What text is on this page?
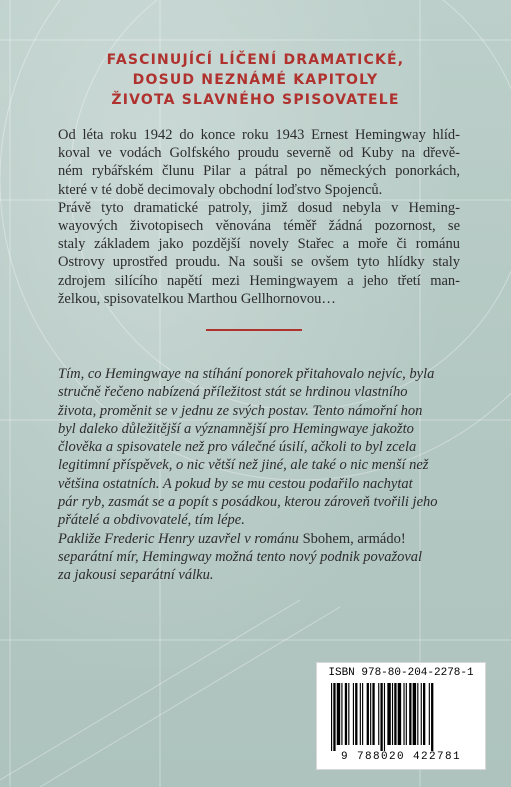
FASCINUJÍCÍ LÍČENÍ DRAMATICKÉ,
DOSUD NEZNÁMÉ KAPITOLY
ŽIVOTA SLAVNÉHO SPISOVATELE
Od léta roku 1942 do konce roku 1943 Ernest Hemingway hlíd-
koval ve vodách Golfského proudu severně od Kuby na dřevě-
ném rybářském člunu Pilar a pátral po německých ponorkách,
které v té době decimovaly obchodní loďstvo Spojenců.
Právě tyto dramatické patroly, jimž dosud nebyla v Heming-
wayových životopisech věnována téměř žádná pozornost, se
staly základem jako pozdější novely Stařec a moře či románu
Ostrovy uprostřed proudu. Na souši se ovšem tyto hlídky staly
zdrojem silícího napětí mezi Hemingwayem a jeho třetí man-
želkou, spisovatelkou Marthou Gellhornovou…
Tím, co Hemingwaye na stíhání ponorek přitahovalo nejvíc, byla
stručně řečeno nabízená příležitost stát se hrdinou vlastního
života, proměnit se v jednu ze svých postav. Tento námořní hon
byl daleko důležitější a významnější pro Hemingwaye jakožto
člověka a spisovatele než pro válečné úsilí, ačkoli to byl zcela
legitimní příspěvek, o nic větší než jiné, ale také o nic menší než
většina ostatních. A pokud by se mu cestou podařilo nachytat
pár ryb, zasmát se a popít s posádkou, kterou zároveň tvořili jeho
přátelé a obdivovatelé, tím lépe.
Pakliže Frederic Henry uzavřel v románu Sbohem, armádo!
separátní mír, Hemingway možná tento nový podnik považoval
za jakousi separátní válku.
ISBN 978-80-204-2278-1
9 788020 422781
